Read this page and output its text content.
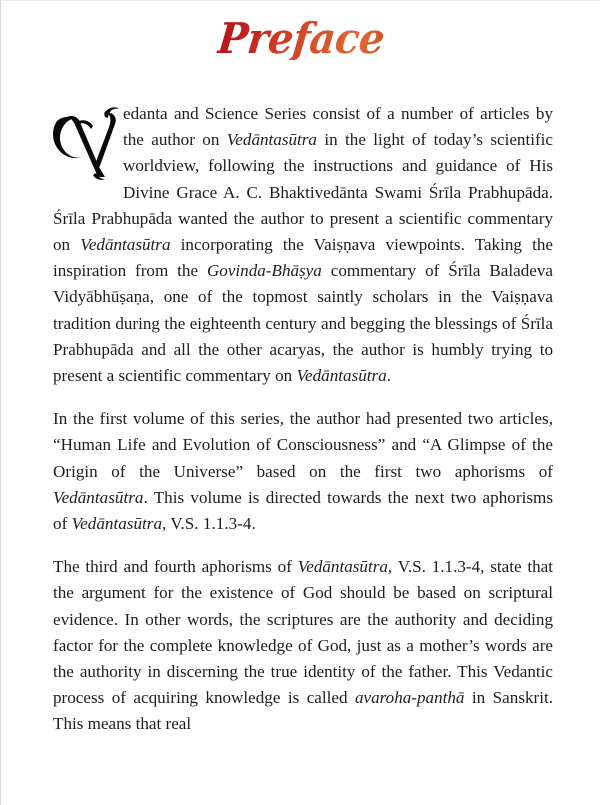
Preface

edanta and Science Series consist of a number of articles by the author on Vedāntasūtra in the light of today’s scientific worldview, following the instructions and guidance of His Divine Grace A. C. Bhaktivedānta Swami Śrīla Prabhupāda. Śrīla Prabhupāda wanted the author to present a scientific commentary on Vedāntasūtra incorporating the Vaiṣṇava viewpoints. Taking the inspiration from the Govinda-Bhāṣya commentary of Śrīla Baladeva Vidyābhūṣaṇa, one of the topmost saintly scholars in the Vaiṣṇava tradition during the eighteenth century and begging the blessings of Śrīla Prabhupāda and all the other acaryas, the author is humbly trying to present a scientific commentary on Vedāntasūtra.

In the first volume of this series, the author had presented two articles, “Human Life and Evolution of Consciousness” and “A Glimpse of the Origin of the Universe” based on the first two aphorisms of Vedāntasūtra. This volume is directed towards the next two aphorisms of Vedāntasūtra, V.S. 1.1.3-4.

The third and fourth aphorisms of Vedāntasūtra, V.S. 1.1.3-4, state that the argument for the existence of God should be based on scriptural evidence. In other words, the scriptures are the authority and deciding factor for the complete knowledge of God, just as a mother’s words are the authority in discerning the true identity of the father. This Vedantic process of acquiring knowledge is called avaroha-panthā in Sanskrit. This means that real
